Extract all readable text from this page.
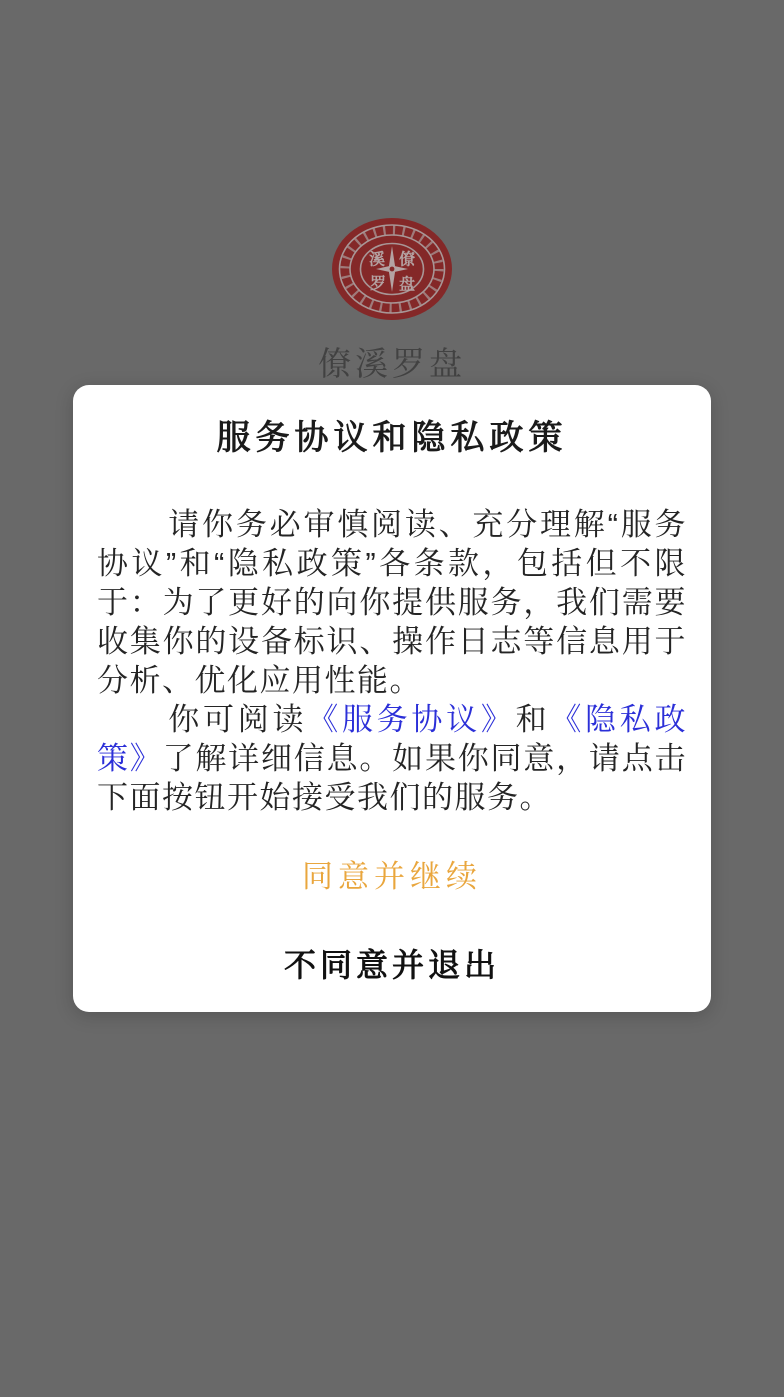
溪 僚
罗 盘
僚溪罗盘
服务协议和隐私政策

请你务必审慎阅读、充分理解“服务协议”和“隐私政策”各条款，包括但不限于：为了更好的向你提供服务，我们需要收集你的设备标识、操作日志等信息用于分析、优化应用性能。

你可阅读《服务协议》和《隐私政策》了解详细信息。如果你同意，请点击下面按钮开始接受我们的服务。

同意并继续
不同意并退出
